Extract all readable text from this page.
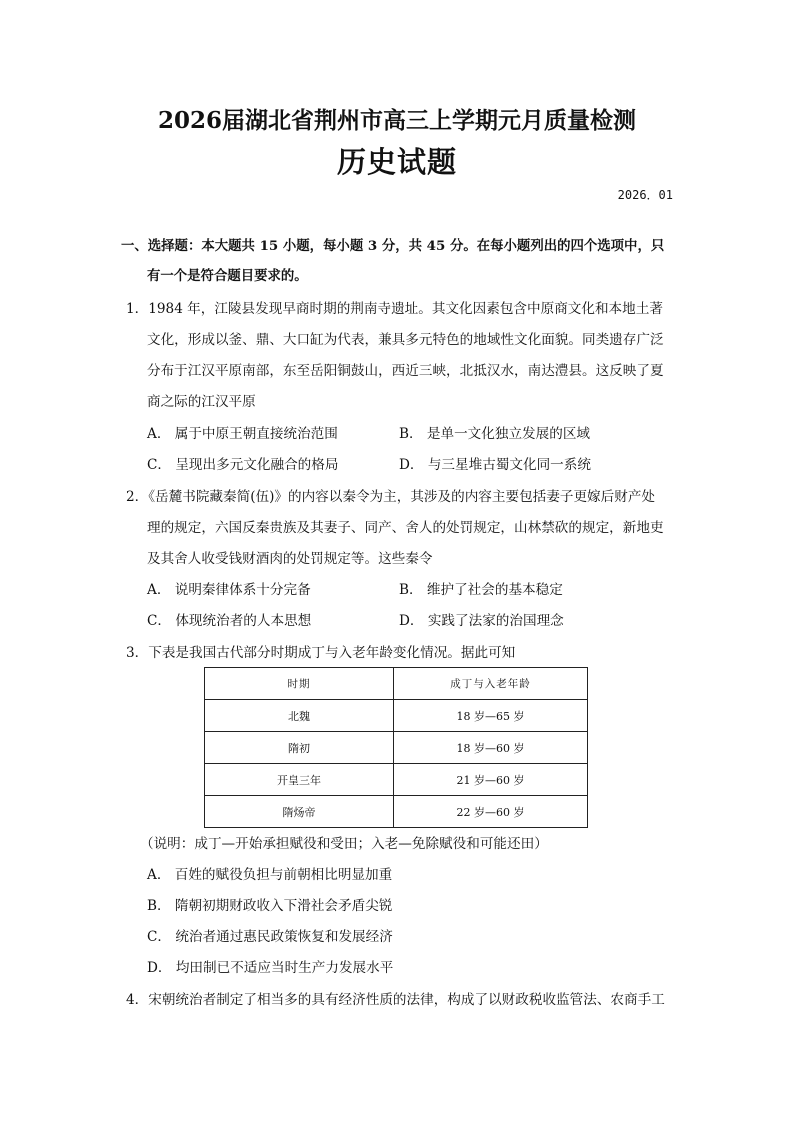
2026届湖北省荆州市高三上学期元月质量检测
历史试题
2026．01
一、选择题：本大题共 15 小题，每小题 3 分，共 45 分。在每小题列出的四个选项中，只
有一个是符合题目要求的。
1．1984 年，江陵县发现早商时期的荆南寺遗址。其文化因素包含中原商文化和本地土著
文化，形成以釜、鼎、大口缸为代表，兼具多元特色的地域性文化面貌。同类遗存广泛
分布于江汉平原南部，东至岳阳铜鼓山，西近三峡，北抵汉水，南达澧县。这反映了夏
商之际的江汉平原
A． 属于中原王朝直接统治范围	B． 是单一文化独立发展的区域
C． 呈现出多元文化融合的格局	D． 与三星堆古蜀文化同一系统
2．《岳麓书院藏秦简(伍)》的内容以秦令为主，其涉及的内容主要包括妻子更嫁后财产处
理的规定，六国反秦贵族及其妻子、同产、舍人的处罚规定，山林禁砍的规定，新地吏
及其舍人收受钱财酒肉的处罚规定等。这些秦令
A． 说明秦律体系十分完备	B． 维护了社会的基本稳定
C． 体现统治者的人本思想	D． 实践了法家的治国理念
3．下表是我国古代部分时期成丁与入老年龄变化情况。据此可知
时期	成丁与入老年龄
北魏	18 岁—65 岁
隋初	18 岁—60 岁
开皇三年	21 岁—60 岁
隋炀帝	22 岁—60 岁
（说明：成丁—开始承担赋役和受田；入老—免除赋役和可能还田）
A． 百姓的赋役负担与前朝相比明显加重
B． 隋朝初期财政收入下滑社会矛盾尖锐
C． 统治者通过惠民政策恢复和发展经济
D． 均田制已不适应当时生产力发展水平
4．宋朝统治者制定了相当多的具有经济性质的法律，构成了以财政税收监管法、农商手工
